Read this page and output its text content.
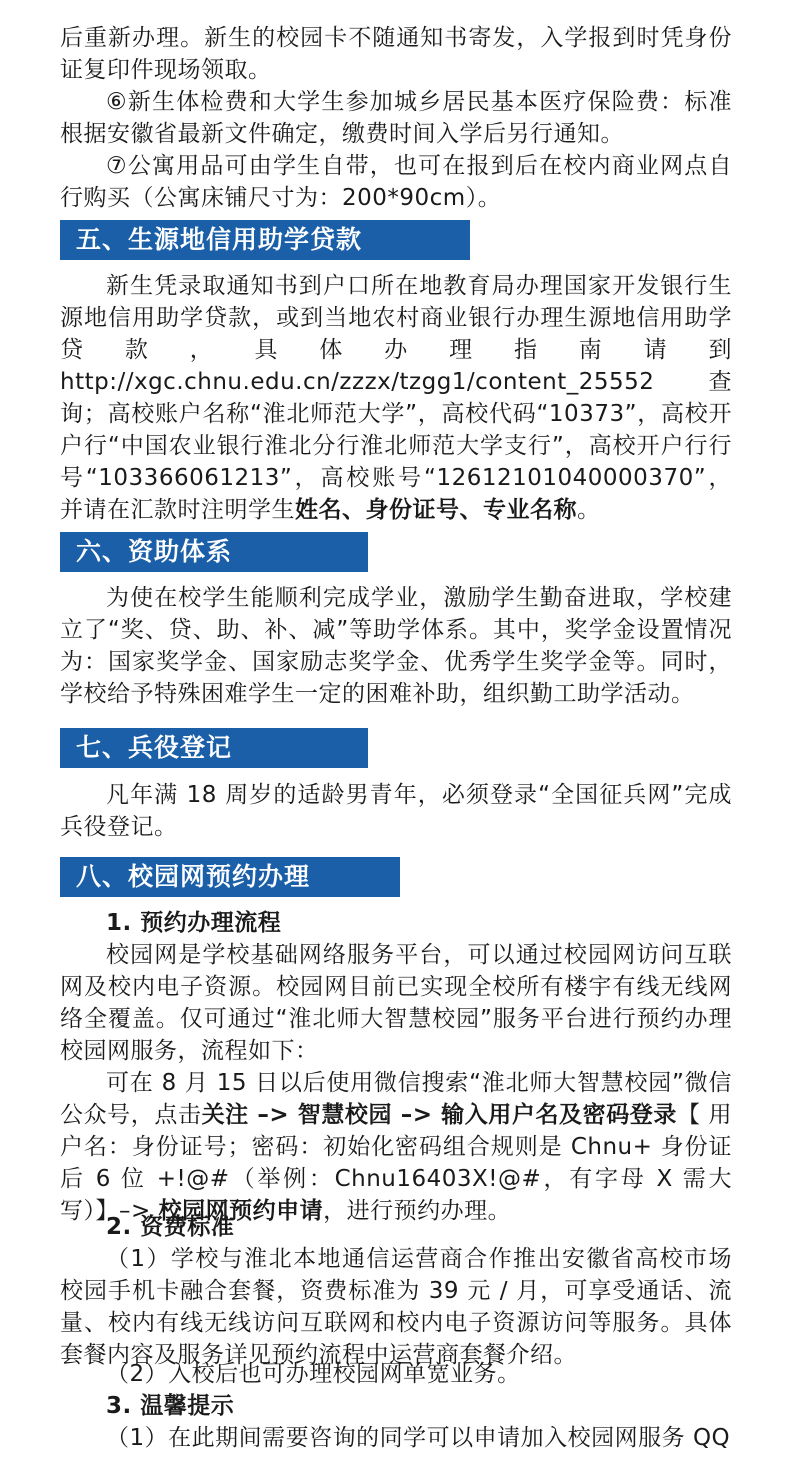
后重新办理。新生的校园卡不随通知书寄发，入学报到时凭身份证复印件现场领取。

⑥新生体检费和大学生参加城乡居民基本医疗保险费：标准根据安徽省最新文件确定，缴费时间入学后另行通知。

⑦公寓用品可由学生自带，也可在报到后在校内商业网点自行购买（公寓床铺尺寸为：200*90cm）。

五、生源地信用助学贷款

新生凭录取通知书到户口所在地教育局办理国家开发银行生源地信用助学贷款，或到当地农村商业银行办理生源地信用助学贷款，具体办理指南请到 http://xgc.chnu.edu.cn/zzzx/tzgg1/content_25552 查询；高校账户名称“淮北师范大学”，高校代码“10373”，高校开户行“中国农业银行淮北分行淮北师范大学支行”，高校开户行行号“103366061213”，高校账号“12612101040000370”，并请在汇款时注明学生姓名、身份证号、专业名称。

六、资助体系

为使在校学生能顺利完成学业，激励学生勤奋进取，学校建立了“奖、贷、助、补、减”等助学体系。其中，奖学金设置情况为：国家奖学金、国家励志奖学金、优秀学生奖学金等。同时，学校给予特殊困难学生一定的困难补助，组织勤工助学活动。

七、兵役登记

凡年满 18 周岁的适龄男青年，必须登录“全国征兵网”完成兵役登记。

八、校园网预约办理

1. 预约办理流程

校园网是学校基础网络服务平台，可以通过校园网访问互联网及校内电子资源。校园网目前已实现全校所有楼宇有线无线网络全覆盖。仅可通过“淮北师大智慧校园”服务平台进行预约办理校园网服务，流程如下：

可在 8 月 15 日以后使用微信搜索“淮北师大智慧校园”微信公众号，点击关注 –> 智慧校园 –> 输入用户名及密码登录【 用户名：身份证号；密码：初始化密码组合规则是 Chnu+ 身份证后 6 位 +!@#（举例：Chnu16403X!@#，有字母 X 需大写）】–> 校园网预约申请，进行预约办理。

2. 资费标准

（1）学校与淮北本地通信运营商合作推出安徽省高校市场校园手机卡融合套餐，资费标准为 39 元 / 月，可享受通话、流量、校内有线无线访问互联网和校内电子资源访问等服务。具体套餐内容及服务详见预约流程中运营商套餐介绍。

（2）入校后也可办理校园网单宽业务。

3. 温馨提示

（1）在此期间需要咨询的同学可以申请加入校园网服务 QQ
